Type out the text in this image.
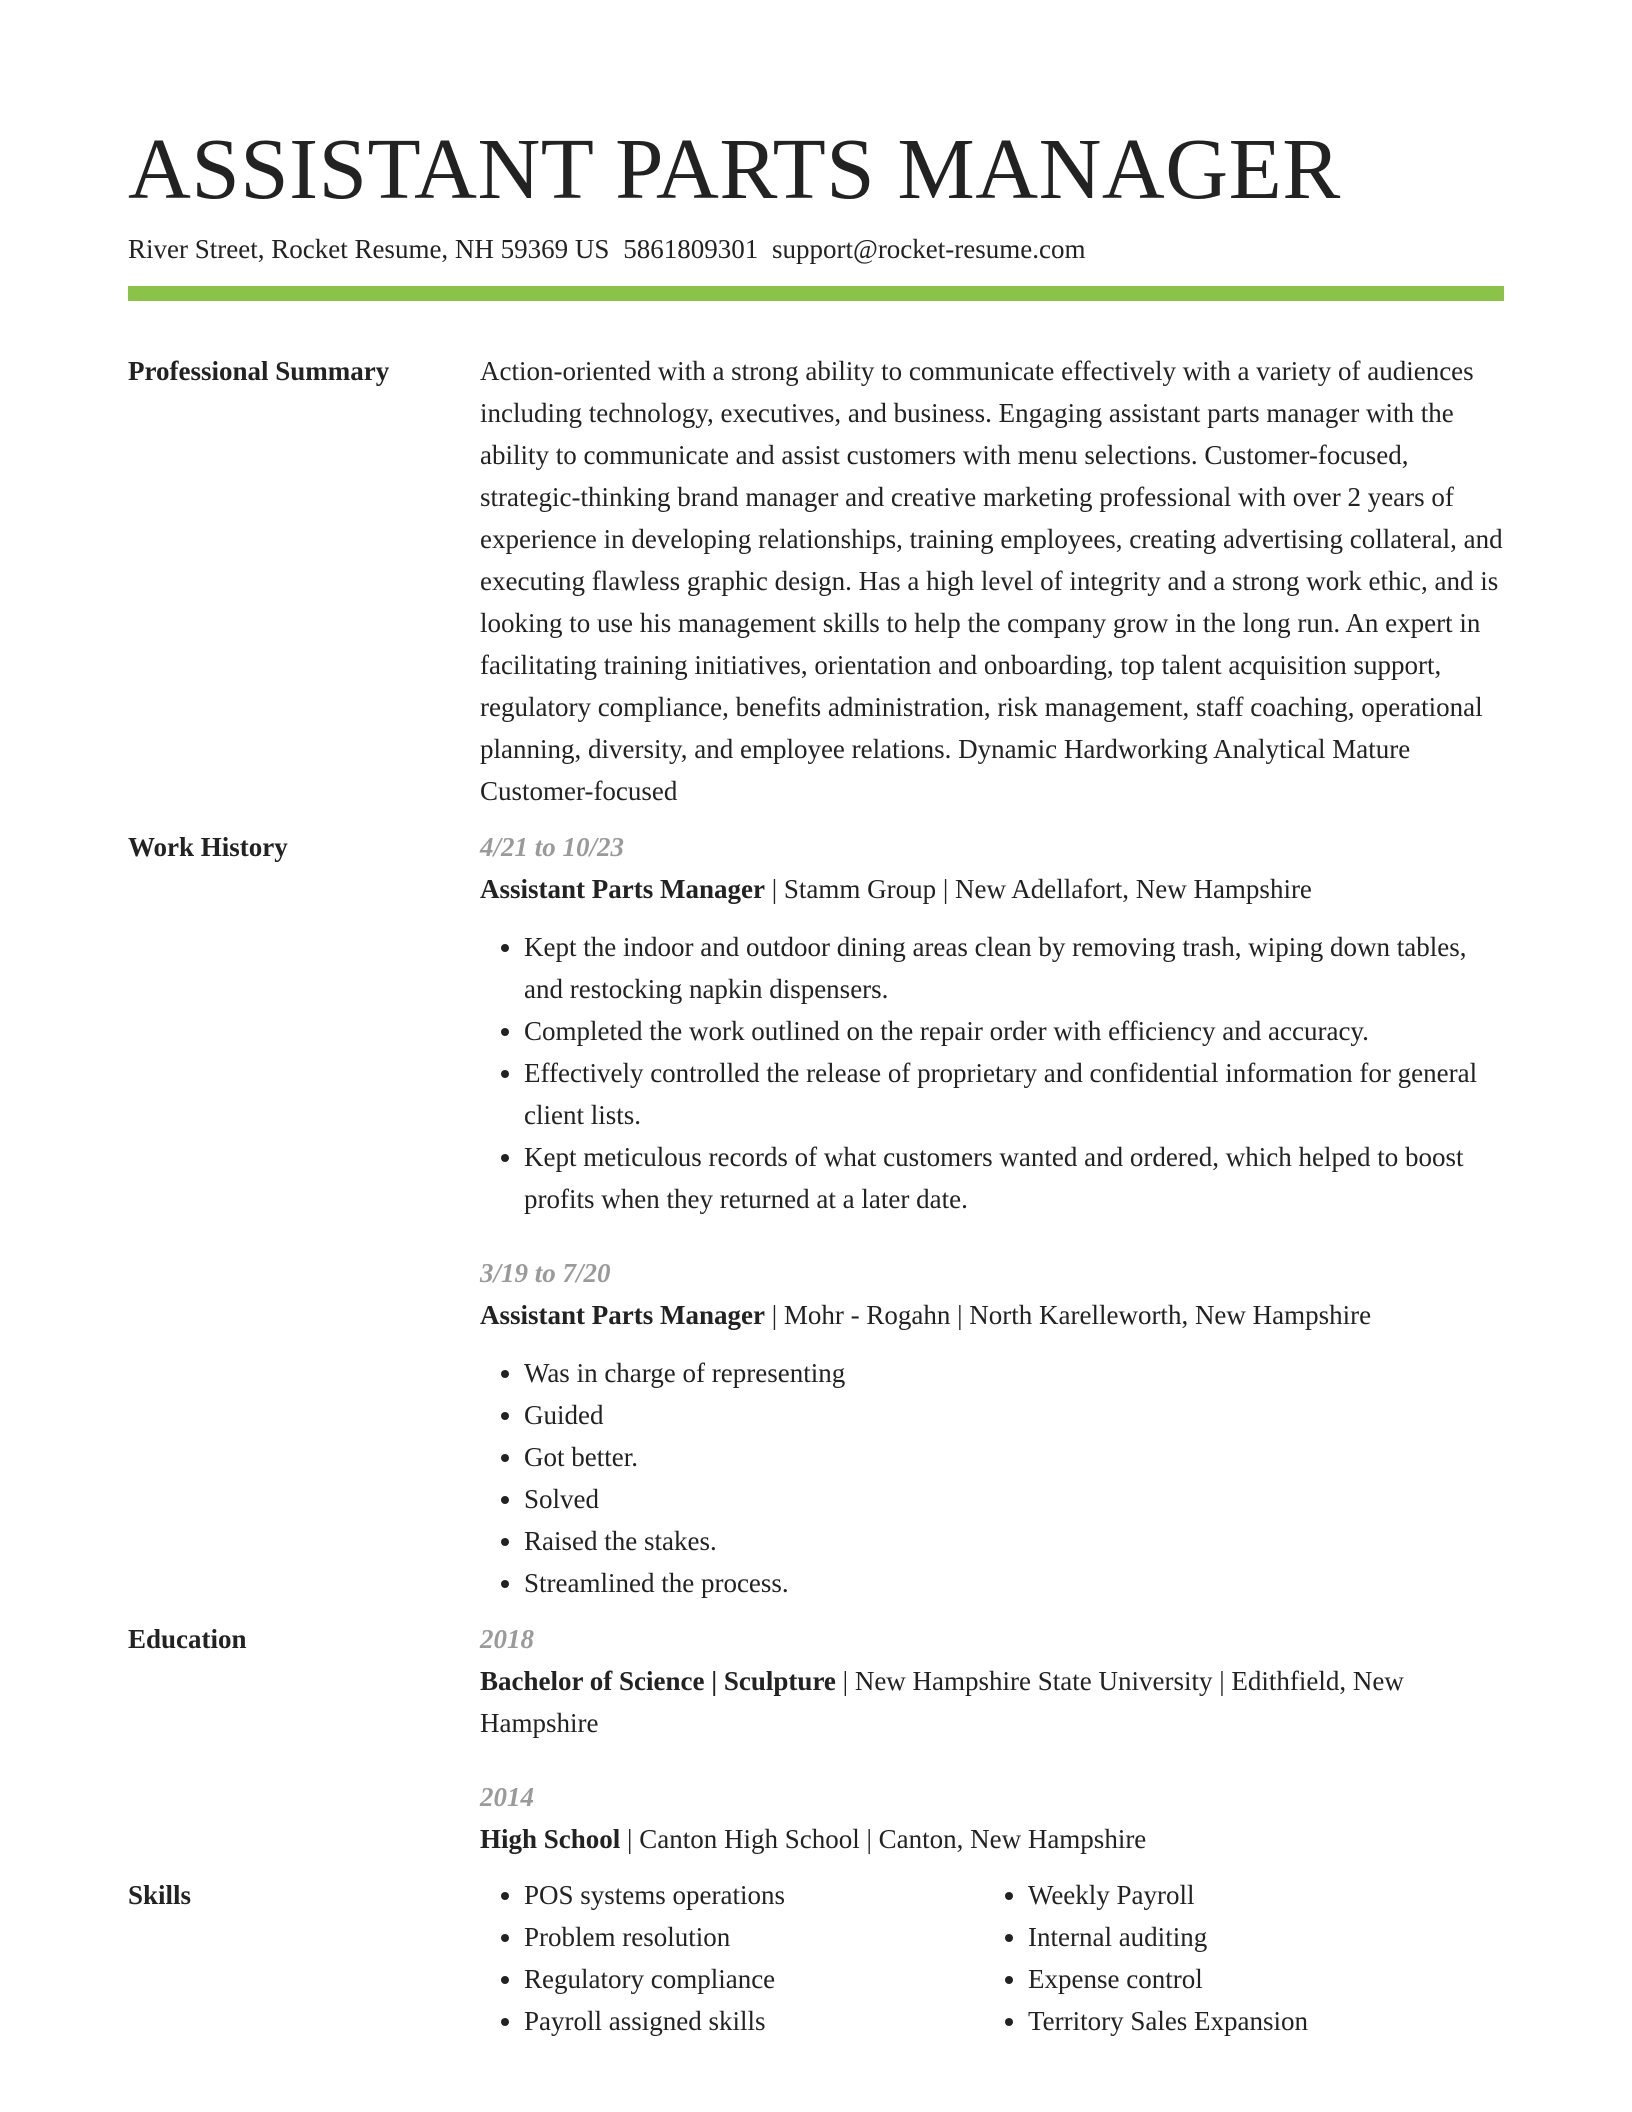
ASSISTANT PARTS MANAGER
River Street, Rocket Resume, NH 59369 US 5861809301 support@rocket-resume.com
Professional Summary	Action-oriented with a strong ability to communicate effectively with a variety of audiences including technology, executives, and business. Engaging assistant parts manager with the ability to communicate and assist customers with menu selections. Customer-focused, strategic-thinking brand manager and creative marketing professional with over 2 years of experience in developing relationships, training employees, creating advertising collateral, and executing flawless graphic design. Has a high level of integrity and a strong work ethic, and is looking to use his management skills to help the company grow in the long run. An expert in facilitating training initiatives, orientation and onboarding, top talent acquisition support, regulatory compliance, benefits administration, risk management, staff coaching, operational planning, diversity, and employee relations. Dynamic Hardworking Analytical Mature Customer-focused

Work History	4/21 to 10/23
Assistant Parts Manager | Stamm Group | New Adellafort, New Hampshire
• Kept the indoor and outdoor dining areas clean by removing trash, wiping down tables, and restocking napkin dispensers.
• Completed the work outlined on the repair order with efficiency and accuracy.
• Effectively controlled the release of proprietary and confidential information for general client lists.
• Kept meticulous records of what customers wanted and ordered, which helped to boost profits when they returned at a later date.
3/19 to 7/20
Assistant Parts Manager | Mohr - Rogahn | North Karelleworth, New Hampshire
• Was in charge of representing
• Guided
• Got better.
• Solved
• Raised the stakes.
• Streamlined the process.
Education	2018
Bachelor of Science | Sculpture | New Hampshire State University | Edithfield, New Hampshire
2014
High School | Canton High School | Canton, New Hampshire
Skills
•	POS systems operations
• Problem resolution
• Regulatory compliance
• Payroll assigned skills
• Weekly Payroll
• Internal auditing
• Expense control
• Territory Sales Expansion
